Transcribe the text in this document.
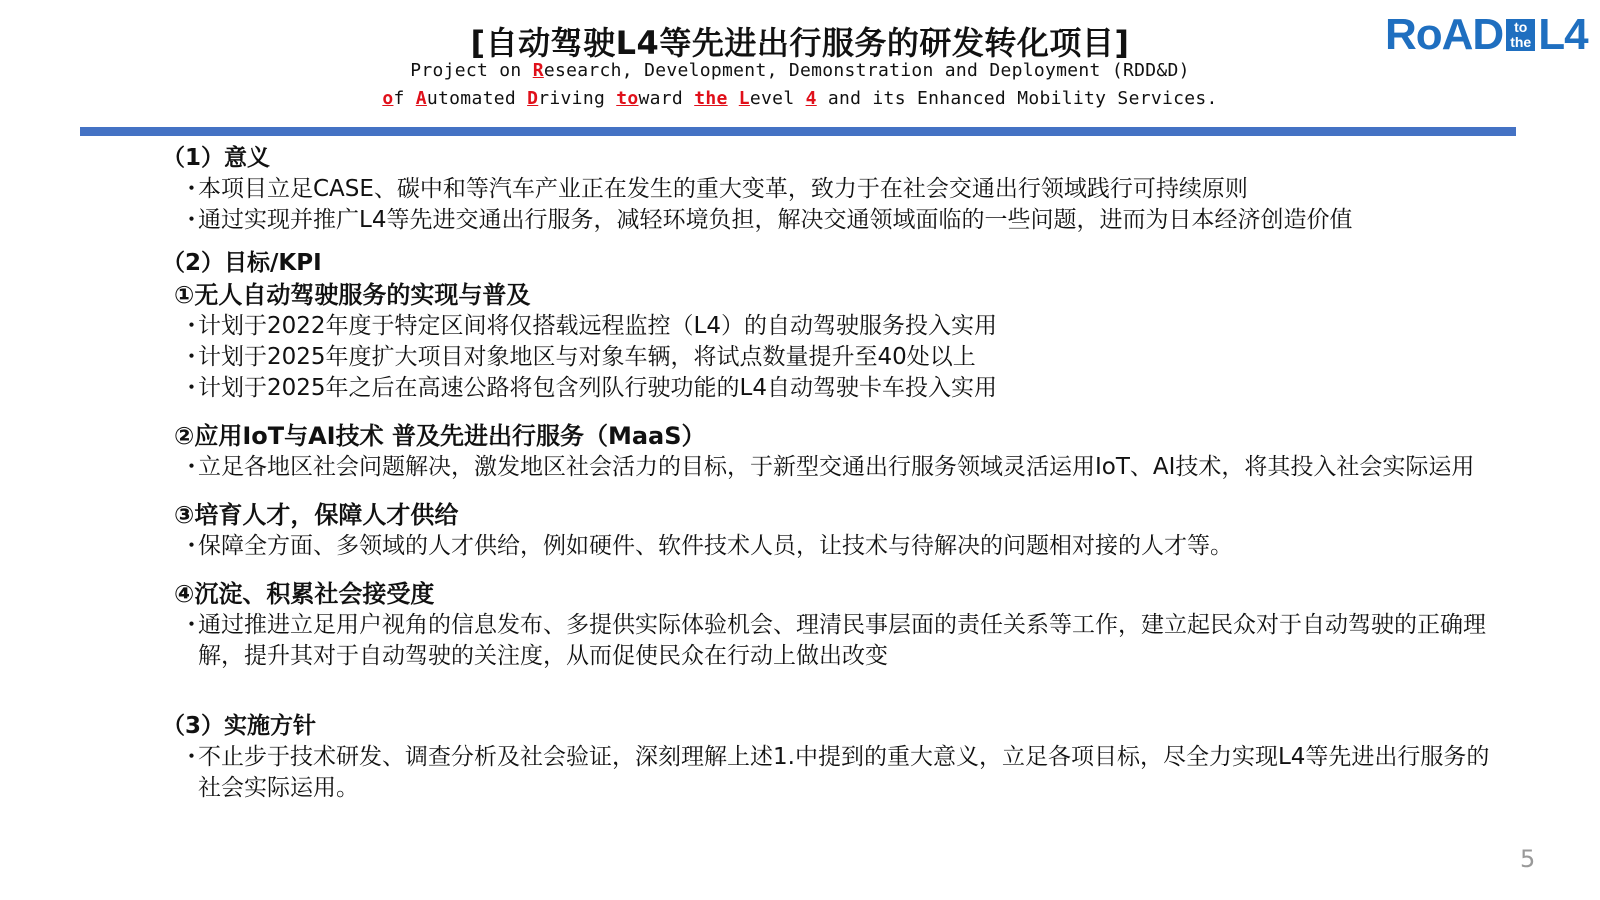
[自动驾驶L4等先进出行服务的研发转化项目]
Project on Research, Development, Demonstration and Deployment (RDD&D)
of Automated Driving toward the Level 4 and its Enhanced Mobility Services.
RoAD to
the L4
（1）意义
・
本项目立足CASE、碳中和等汽车产业正在发生的重大变革，致力于在社会交通出行领域践行可持续原则
・
通过实现并推广L4等先进交通出行服务，减轻环境负担，解决交通领域面临的一些问题，进而为日本经济创造价值
（2）目标/KPI
①无人自动驾驶服务的实现与普及
・
计划于2022年度于特定区间将仅搭载远程监控（L4）的自动驾驶服务投入实用
・
计划于2025年度扩大项目对象地区与对象车辆，将试点数量提升至40处以上
・
计划于2025年之后在高速公路将包含列队行驶功能的L4自动驾驶卡车投入实用
②应用IoT与AI技术 普及先进出行服务（MaaS）
・
立足各地区社会问题解决，激发地区社会活力的目标，于新型交通出行服务领域灵活运用IoT、AI技术，将其投入社会实际运用
③培育人才，保障人才供给
・
保障全方面、多领域的人才供给，例如硬件、软件技术人员，让技术与待解决的问题相对接的人才等。
④沉淀、积累社会接受度
・
通过推进立足用户视角的信息发布、多提供实际体验机会、理清民事层面的责任关系等工作，建立起民众对于自动驾驶的正确理解，提升其对于自动驾驶的关注度，从而促使民众在行动上做出改变
（3）实施方针
・
不止步于技术研发、调查分析及社会验证，深刻理解上述1.中提到的重大意义，立足各项目标，尽全力实现L4等先进出行服务的社会实际运用。
5
